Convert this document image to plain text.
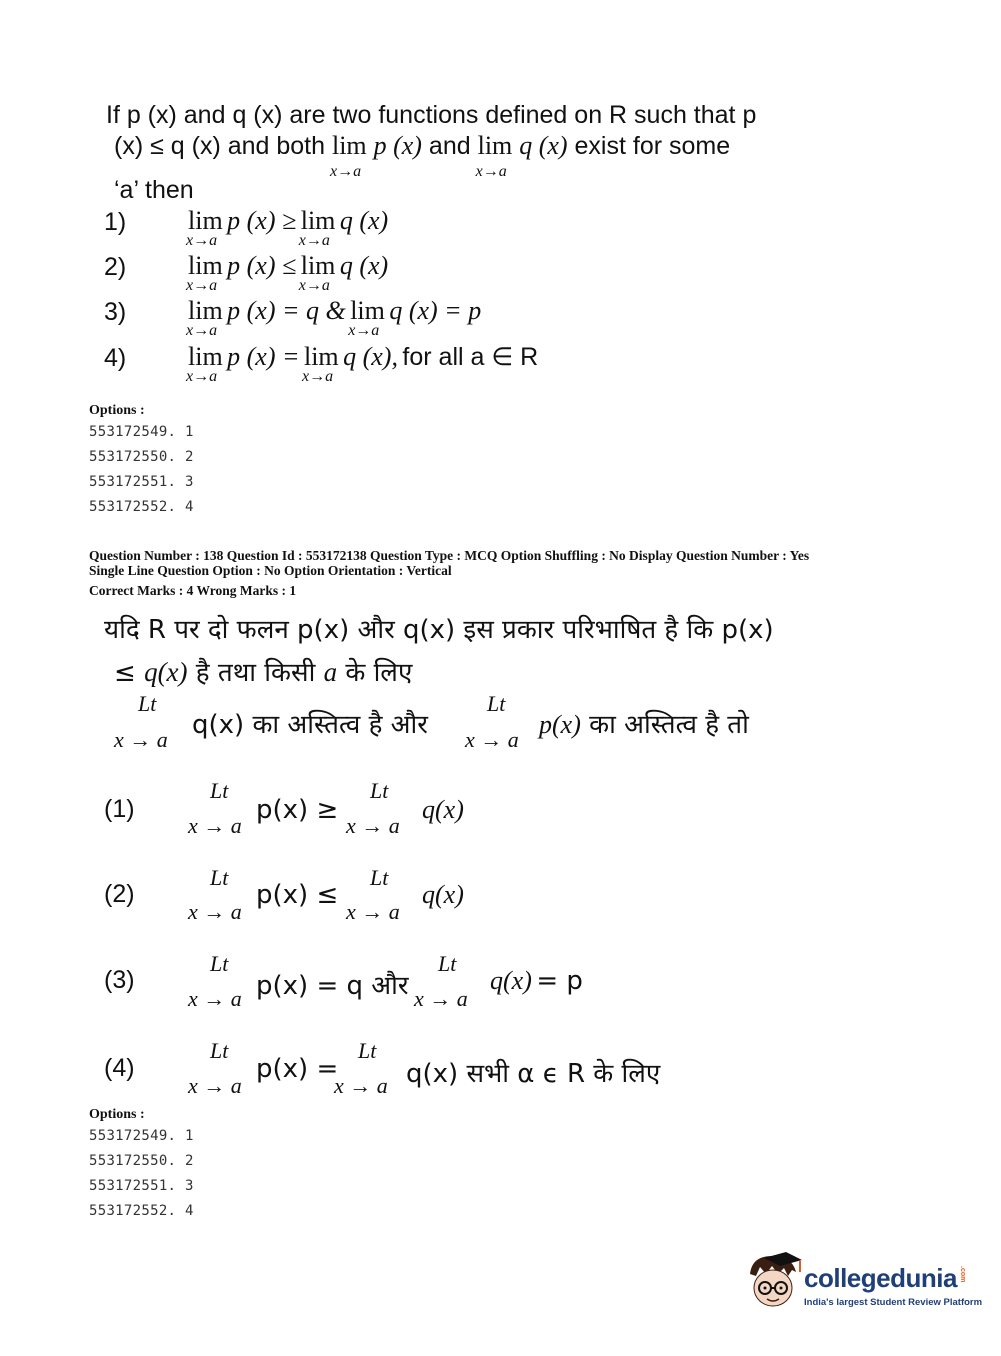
If p (x) and q (x) are two functions defined on R such that p
(x) ≤ q (x) and both lim
x→a
p (x) and lim
x→a
q (x) exist for some
‘a’ then
1) lim
x→a
p (x) ≥ lim
x→a
q (x)
2) lim
x→a
p (x) ≤ lim
x→a
q (x)
3) lim
x→a
p (x) = q & lim
x→a
q (x) = p
4) lim
x→a
p (x) = lim
x→a
q (x), for all a ∈ R
Options :
553172549. 1
553172550. 2
553172551. 3
553172552. 4
Question Number : 138 Question Id : 553172138 Question Type : MCQ Option Shuffling : No Display Question Number : Yes
Single Line Question Option : No Option Orientation : Vertical
Correct Marks : 4 Wrong Marks : 1
यदि R पर दो फलन p(x) और q(x) इस प्रकार परिभाषित है कि p(x)
≤ q(x) है तथा किसी a के लिए
Lt
x → a q(x) का अस्तित्व है और
Lt
x → a
p(x) का अस्तित्व है तो
(1)
Lt
x → a
p(x) ≥
Lt
x → a
q(x)
(2)
Lt
x → a
p(x) ≤
Lt
x → a
q(x)
(3)
Lt
x → a p(x) = q और
Lt
x → a
q(x) = p
(4)
Lt
x → a
p(x) =
Lt
x → a q(x) सभी α ϵ R के लिए
Options :
553172549. 1
553172550. 2
553172551. 3
553172552. 4
collegedunia .com
India's largest Student Review Platform
